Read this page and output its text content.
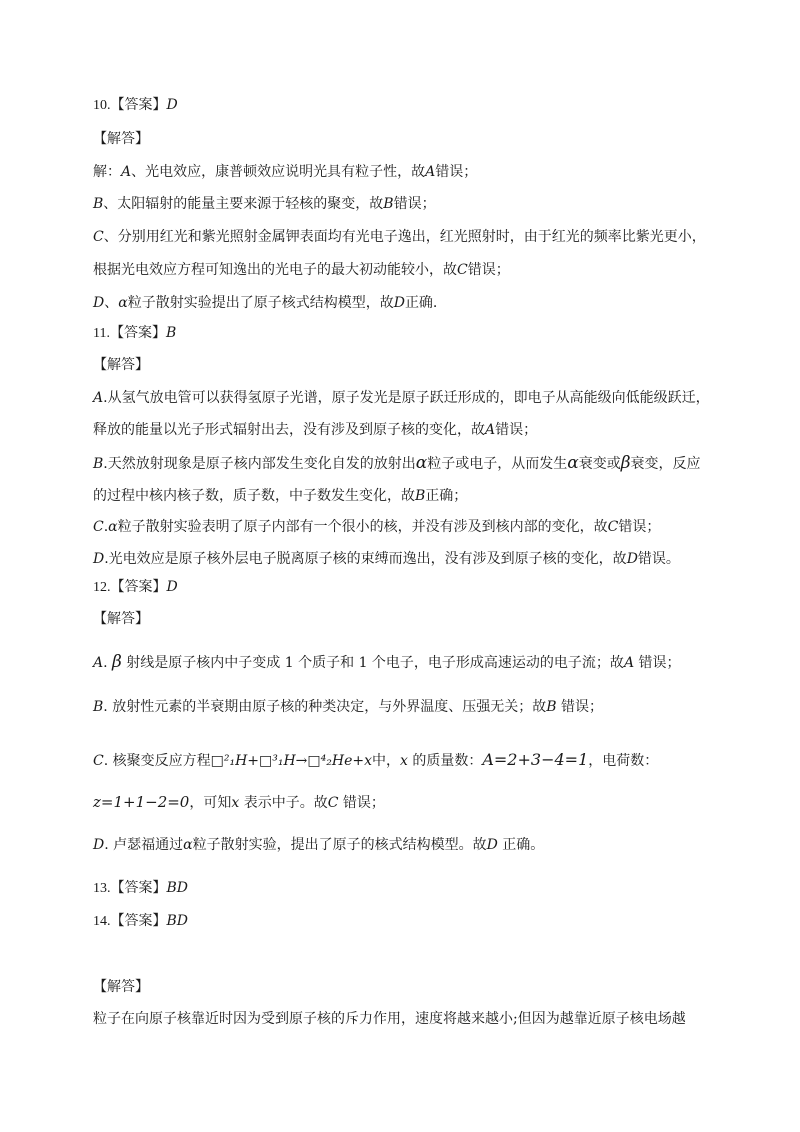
10.【答案】D
【解答】
解：A、光电效应，康普顿效应说明光具有粒子性，故A错误；
B、太阳辐射的能量主要来源于轻核的聚变，故B错误；
C、分别用红光和紫光照射金属钾表面均有光电子逸出，红光照射时，由于红光的频率比紫光更小，
根据光电效应方程可知逸出的光电子的最大初动能较小，故C错误；
D、α粒子散射实验提出了原子核式结构模型，故D正确.
11.【答案】B
【解答】
A.从氢气放电管可以获得氢原子光谱，原子发光是原子跃迁形成的，即电子从高能级向低能级跃迁，
释放的能量以光子形式辐射出去，没有涉及到原子核的变化，故A错误；
B.天然放射现象是原子核内部发生变化自发的放射出α粒子或电子，从而发生α衰变或β衰变，反应
的过程中核内核子数，质子数，中子数发生变化，故B正确；
C.α粒子散射实验表明了原子内部有一个很小的核，并没有涉及到核内部的变化，故C错误；
D.光电效应是原子核外层电子脱离原子核的束缚而逸出，没有涉及到原子核的变化，故D错误。
12.【答案】D
【解答】
A. β 射线是原子核内中子变成 1 个质子和 1 个电子，电子形成高速运动的电子流；故A 错误；
B. 放射性元素的半衰期由原子核的种类决定，与外界温度、压强无关；故B 错误；
C. 核聚变反应方程□²₁H+□³₁H→□⁴₂He+x中，x 的质量数：A=2+3−4=1，电荷数：
z=1+1−2=0，可知x 表示中子。故C 错误；
D. 卢瑟福通过α粒子散射实验，提出了原子的核式结构模型。故D 正确。
13.【答案】BD
14.【答案】BD
【解答】
粒子在向原子核靠近时因为受到原子核的斥力作用，速度将越来越小;但因为越靠近原子核电场越
